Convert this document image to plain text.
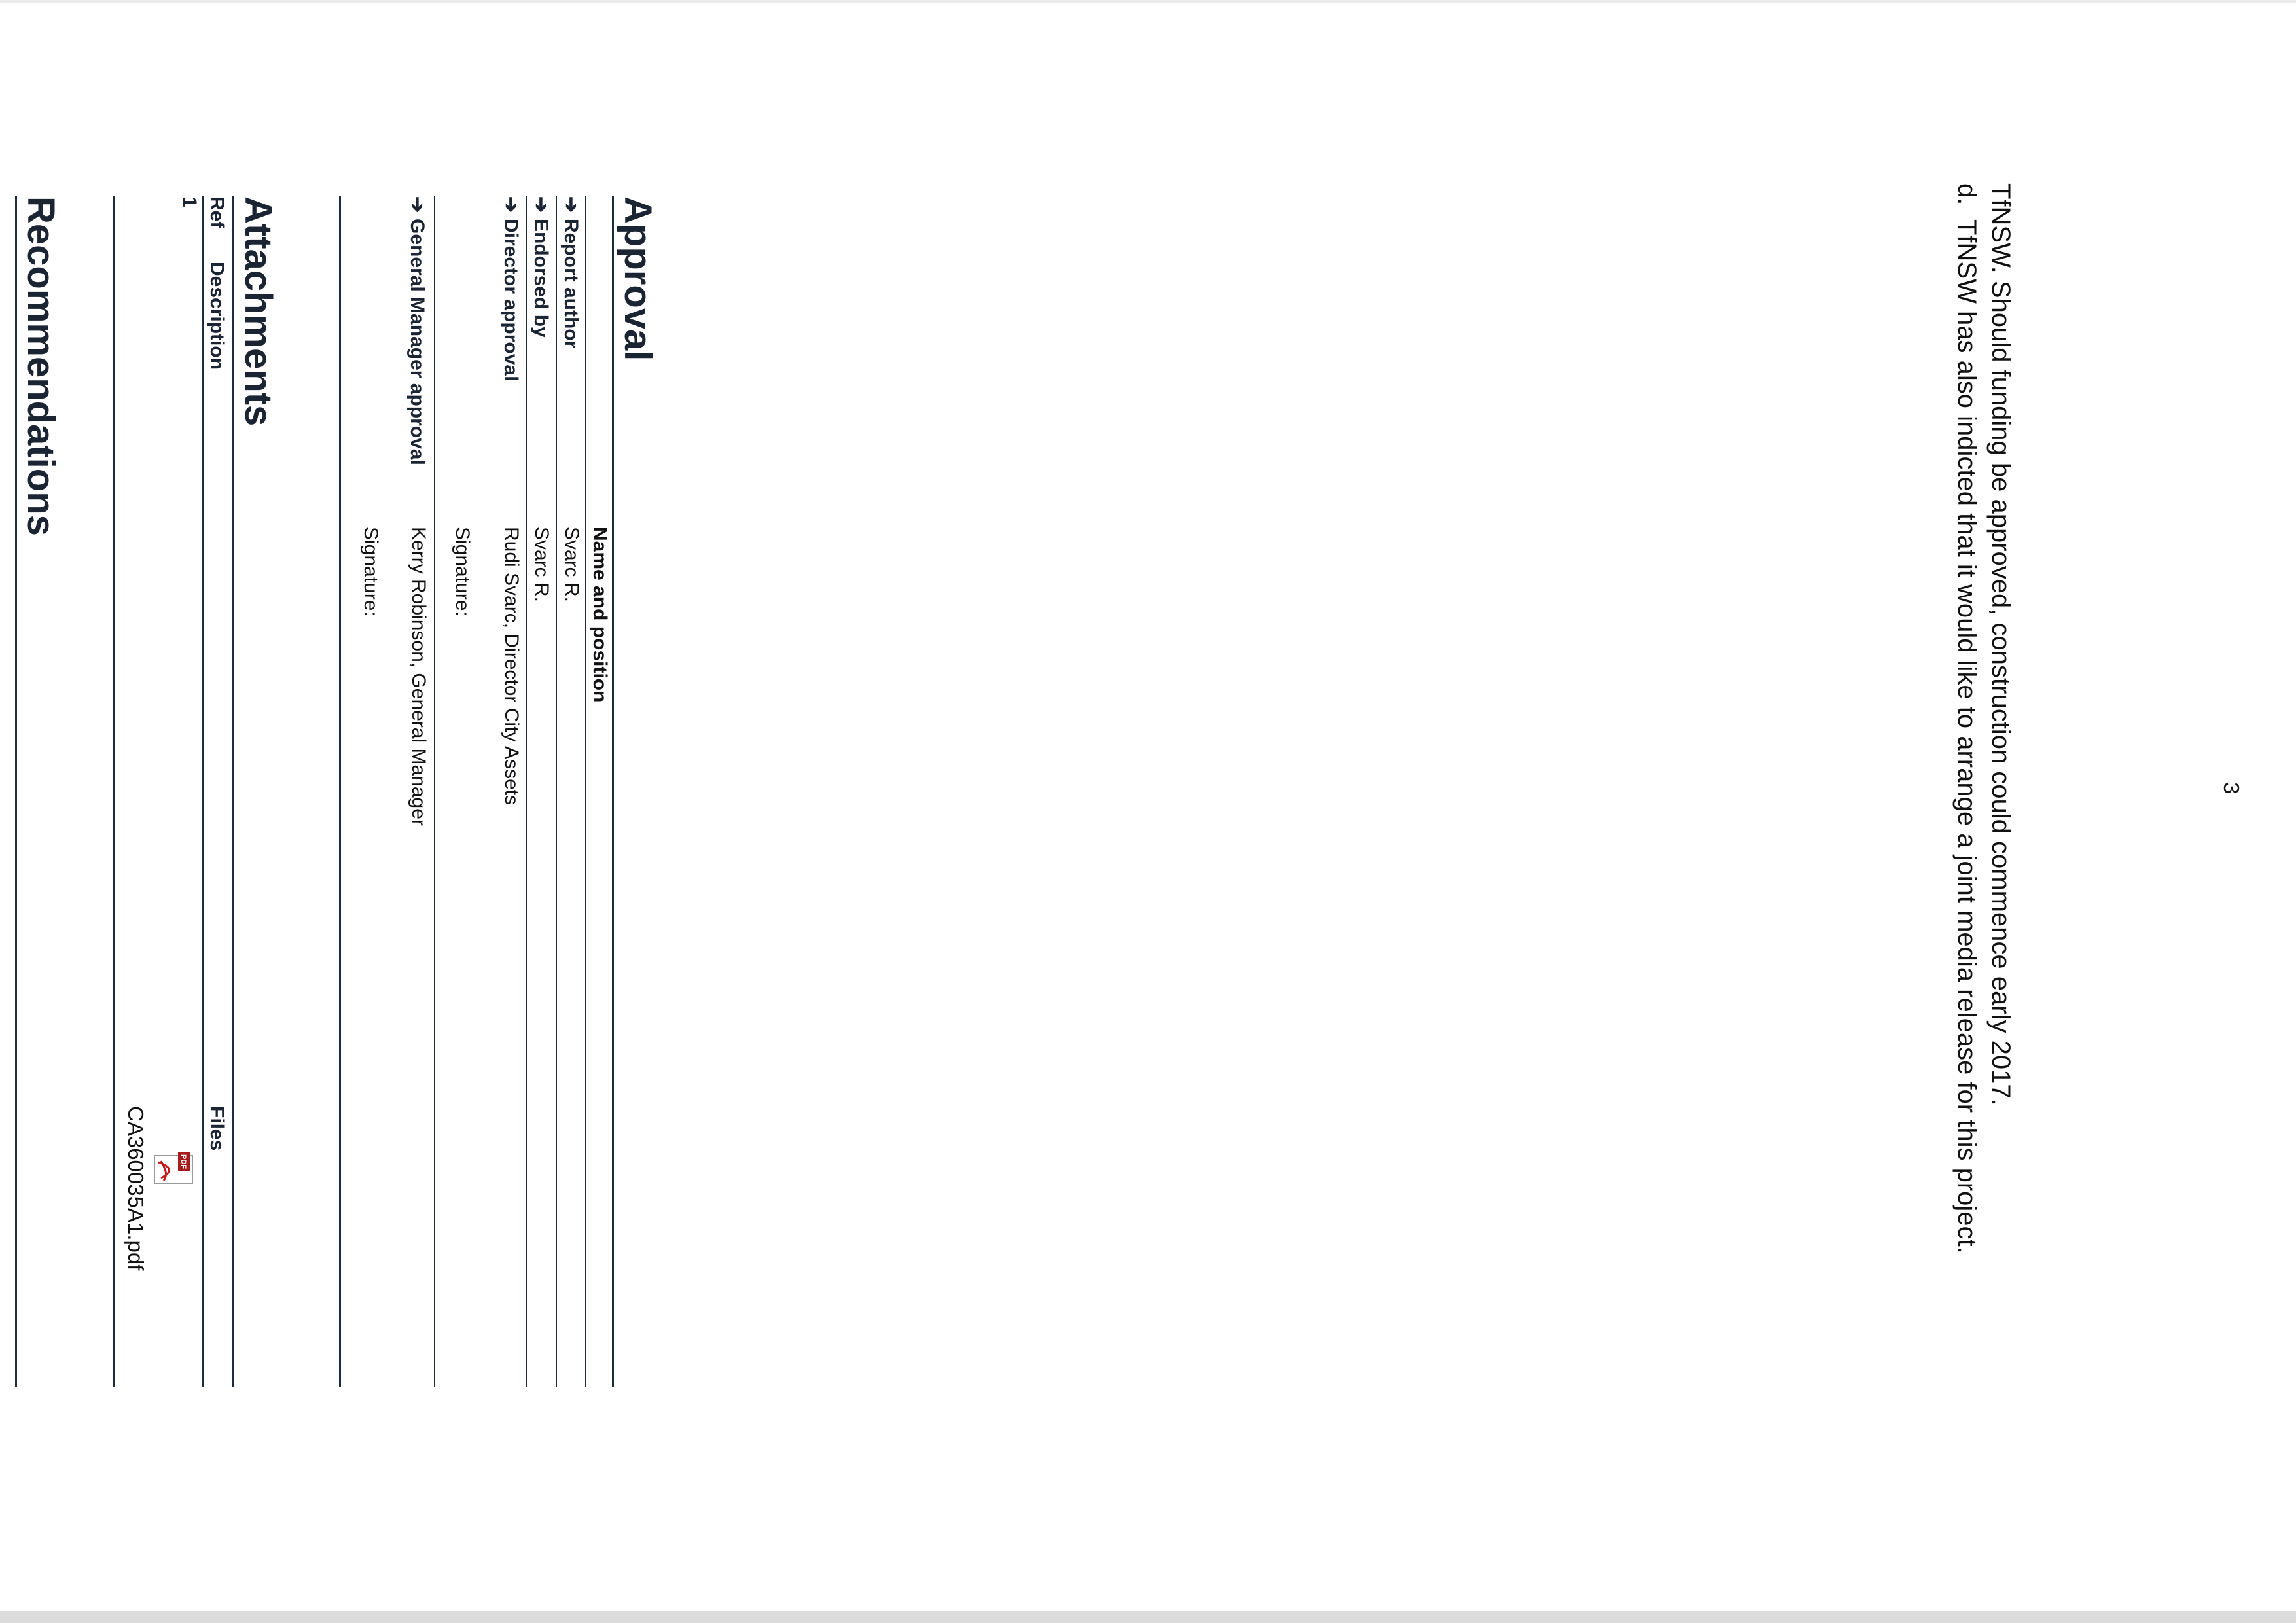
3
TfNSW. Should funding be approved, construction could commence early 2017.
d.
TfNSW has also indicted that it would like to arrange a joint media release for this project.
Approval
Name and position
➔Report author
Svarc R.
➔Endorsed by
Svarc R.
➔Director approval
Rudi Svarc, Director City Assets
Signature:
➔General Manager approval
Kerry Robinson, General Manager
Signature:
Attachments
Ref
Description
Files
1
PDF
CA360035A1.pdf
Recommendations
